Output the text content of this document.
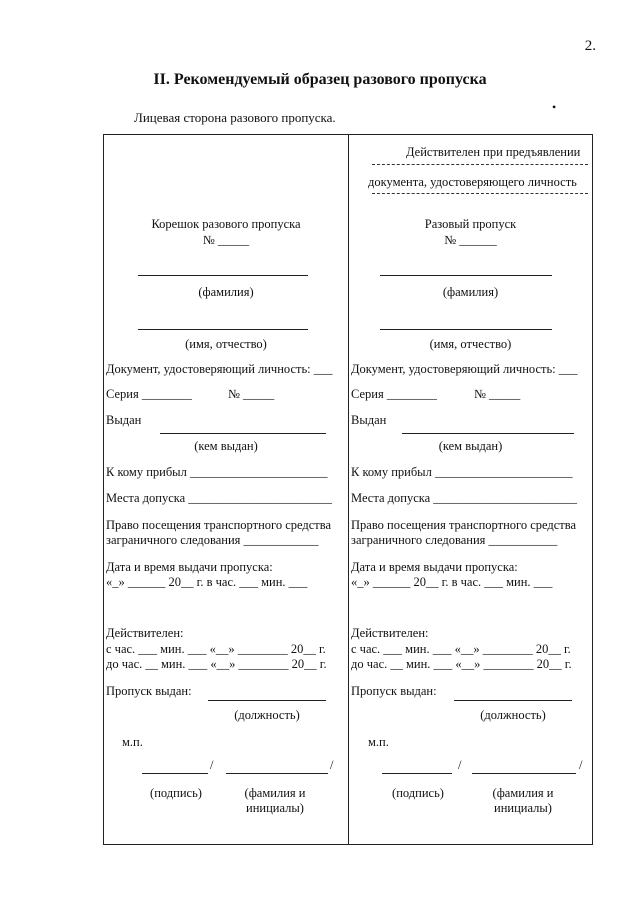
2.
II. Рекомендуемый образец разового пропуска
•
Лицевая сторона разового пропуска.
Корешок разового пропуска
№ _____
(фамилия)
(имя, отчество)
Документ, удостоверяющий личность: ___
Серия ________	№ _____
Выдан
(кем выдан)
К кому прибыл ______________________
Места допуска _______________________
Право посещения транспортного средства
заграничного следования ____________
Дата и время выдачи пропуска:
«_» ______ 20__ г. в час. ___ мин. ___
Действителен:
с час. ___ мин. ___ «__» ________ 20__ г.
до час. __ мин. ___ «__» ________ 20__ г.
Пропуск выдан:
(должность)
м.п.
/	/
(подпись)	(фамилия и
инициалы)
Действителен при предъявлении
документа, удостоверяющего личность
Разовый пропуск
№ ______
(фамилия)
(имя, отчество)
Документ, удостоверяющий личность: ___
Серия ________	№ _____
Выдан
(кем выдан)
К кому прибыл ______________________
Места допуска _______________________
Право посещения транспортного средства
заграничного следования ___________
Дата и время выдачи пропуска:
«_» ______ 20__ г. в час. ___ мин. ___
Действителен:
с час. ___ мин. ___ «__» ________ 20__ г.
до час. __ мин. ___ «__» ________ 20__ г.
Пропуск выдан:
(должность)
м.п.
/	/
(подпись)	(фамилия и
инициалы)
